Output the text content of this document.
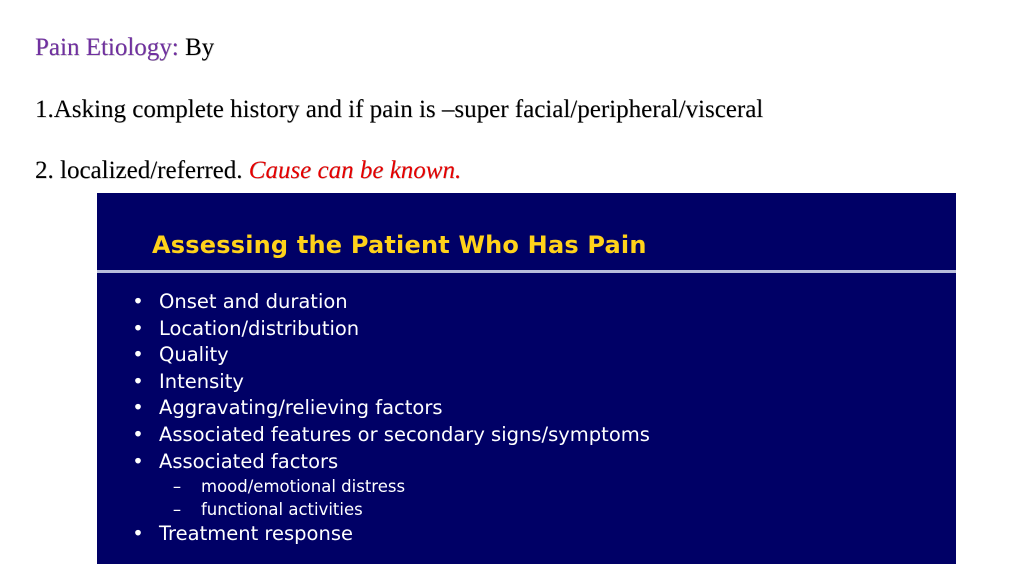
Pain Etiology: By
1.Asking complete history and if pain is –super facial/peripheral/visceral
2. localized/referred. Cause can be known.
Assessing the Patient Who Has Pain
• Onset and duration
• Location/distribution
• Quality
• Intensity
• Aggravating/relieving factors
• Associated features or secondary signs/symptoms
• Associated factors
–	mood/emotional distress
–	functional activities
• Treatment response
